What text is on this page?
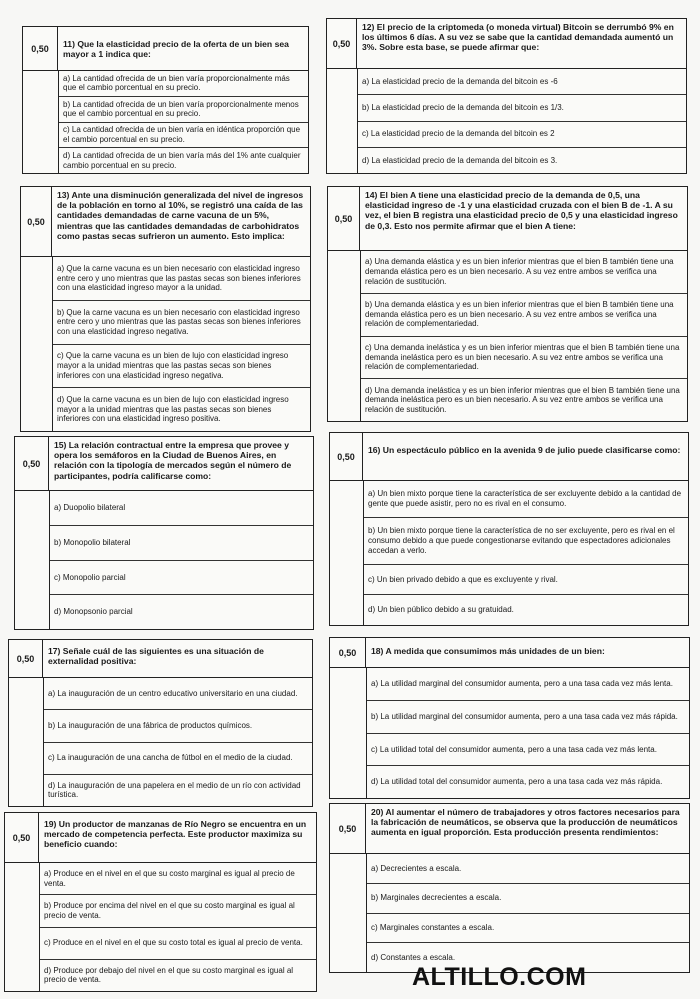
0,50	11) Que la elasticidad precio de la oferta de un bien sea mayor a 1 indica que:
a) La cantidad ofrecida de un bien varía proporcionalmente más que el cambio porcentual en su precio.
b) La cantidad ofrecida de un bien varía proporcionalmente menos que el cambio porcentual en su precio.
c) La cantidad ofrecida de un bien varía en idéntica proporción que el cambio porcentual en su precio.
d) La cantidad ofrecida de un bien varía más del 1% ante cualquier cambio porcentual en su precio.
0,50
12) El precio de la criptomeda (o moneda virtual) Bitcoin se derrumbó 9% en los últimos 6 días. A su vez se sabe que la cantidad demandada aumentó un 3%. Sobre esta base, se puede afirmar que:
a) La elasticidad precio de la demanda del bitcoin es -6
b) La elasticidad precio de la demanda del bitcoin es 1/3.
c) La elasticidad precio de la demanda del bitcoin es 2
d) La elasticidad precio de la demanda del bitcoin es 3.
0,50
13) Ante una disminución generalizada del nivel de ingresos de la población en torno al 10%, se registró una caída de las cantidades demandadas de carne vacuna de un 5%, mientras que las cantidades demandadas de carbohidratos como pastas secas sufrieron un aumento. Esto implica:
a) Que la carne vacuna es un bien necesario con elasticidad ingreso entre cero y uno mientras que las pastas secas son bienes inferiores con una elasticidad ingreso mayor a la unidad.
b) Que la carne vacuna es un bien necesario con elasticidad ingreso entre cero y uno mientras que las pastas secas son bienes inferiores con una elasticidad ingreso negativa.
c) Que la carne vacuna es un bien de lujo con elasticidad ingreso mayor a la unidad mientras que las pastas secas son bienes inferiores con una elasticidad ingreso negativa.
d) Que la carne vacuna es un bien de lujo con elasticidad ingreso mayor a la unidad mientras que las pastas secas son bienes inferiores con una elasticidad ingreso positiva.
0,50
14) El bien A tiene una elasticidad precio de la demanda de 0,5, una elasticidad ingreso de -1 y una elasticidad cruzada con el bien B de -1. A su vez, el bien B registra una elasticidad precio de 0,5 y una elasticidad ingreso de 0,3. Esto nos permite afirmar que el bien A tiene:
a) Una demanda elástica y es un bien inferior mientras que el bien B también tiene una demanda elástica pero es un bien necesario. A su vez entre ambos se verifica una relación de sustitución.
b) Una demanda elástica y es un bien inferior mientras que el bien B también tiene una demanda elástica pero es un bien necesario. A su vez entre ambos se verifica una relación de complementariedad.
c) Una demanda inelástica y es un bien inferior mientras que el bien B también tiene una demanda inelástica pero es un bien necesario. A su vez entre ambos se verifica una relación de complementariedad.
d) Una demanda inelástica y es un bien inferior mientras que el bien B también tiene una demanda inelástica pero es un bien necesario. A su vez entre ambos se verifica una relación de sustitución.
0,50
15) La relación contractual entre la empresa que provee y opera los semáforos en la Ciudad de Buenos Aires, en relación con la tipología de mercados según el número de participantes, podría calificarse como:
a) Duopolio bilateral
b) Monopolio bilateral
c) Monopolio parcial
d) Monopsonio parcial
0,50
16) Un espectáculo público en la avenida 9 de julio puede clasificarse como:
a) Un bien mixto porque tiene la característica de ser excluyente debido a la cantidad de gente que puede asistir, pero no es rival en el consumo.
b) Un bien mixto porque tiene la característica de no ser excluyente, pero es rival en el consumo debido a que puede congestionarse evitando que espectadores adicionales accedan a verlo.
c) Un bien privado debido a que es excluyente y rival.
d) Un bien público debido a su gratuidad.
0,50
17) Señale cuál de las siguientes es una situación de externalidad positiva:
a) La inauguración de un centro educativo universitario en una ciudad.
b) La inauguración de una fábrica de productos químicos.
c) La inauguración de una cancha de fútbol en el medio de la ciudad.
d) La inauguración de una papelera en el medio de un río con actividad turística.
0,50	18) A medida que consumimos más unidades de un bien:
a) La utilidad marginal del consumidor aumenta, pero a una tasa cada vez más lenta.
b) La utilidad marginal del consumidor aumenta, pero a una tasa cada vez más rápida.
c) La utilidad total del consumidor aumenta, pero a una tasa cada vez más lenta.
d) La utilidad total del consumidor aumenta, pero a una tasa cada vez más rápida.
0,50
19) Un productor de manzanas de Río Negro se encuentra en un mercado de competencia perfecta. Este productor maximiza su beneficio cuando:
a) Produce en el nivel en el que su costo marginal es igual al precio de venta.
b) Produce por encima del nivel en el que su costo marginal es igual al precio de venta.
c) Produce en el nivel en el que su costo total es igual al precio de venta.
d) Produce por debajo del nivel en el que su costo marginal es igual al precio de venta.
0,50
20) Al aumentar el número de trabajadores y otros factores necesarios para la fabricación de neumáticos, se observa que la producción de neumáticos aumenta en igual proporción. Esta producción presenta rendimientos:
a) Decrecientes a escala.
b) Marginales decrecientes a escala.
c) Marginales constantes a escala.
d) Constantes a escala.
ALTILLO.COM
